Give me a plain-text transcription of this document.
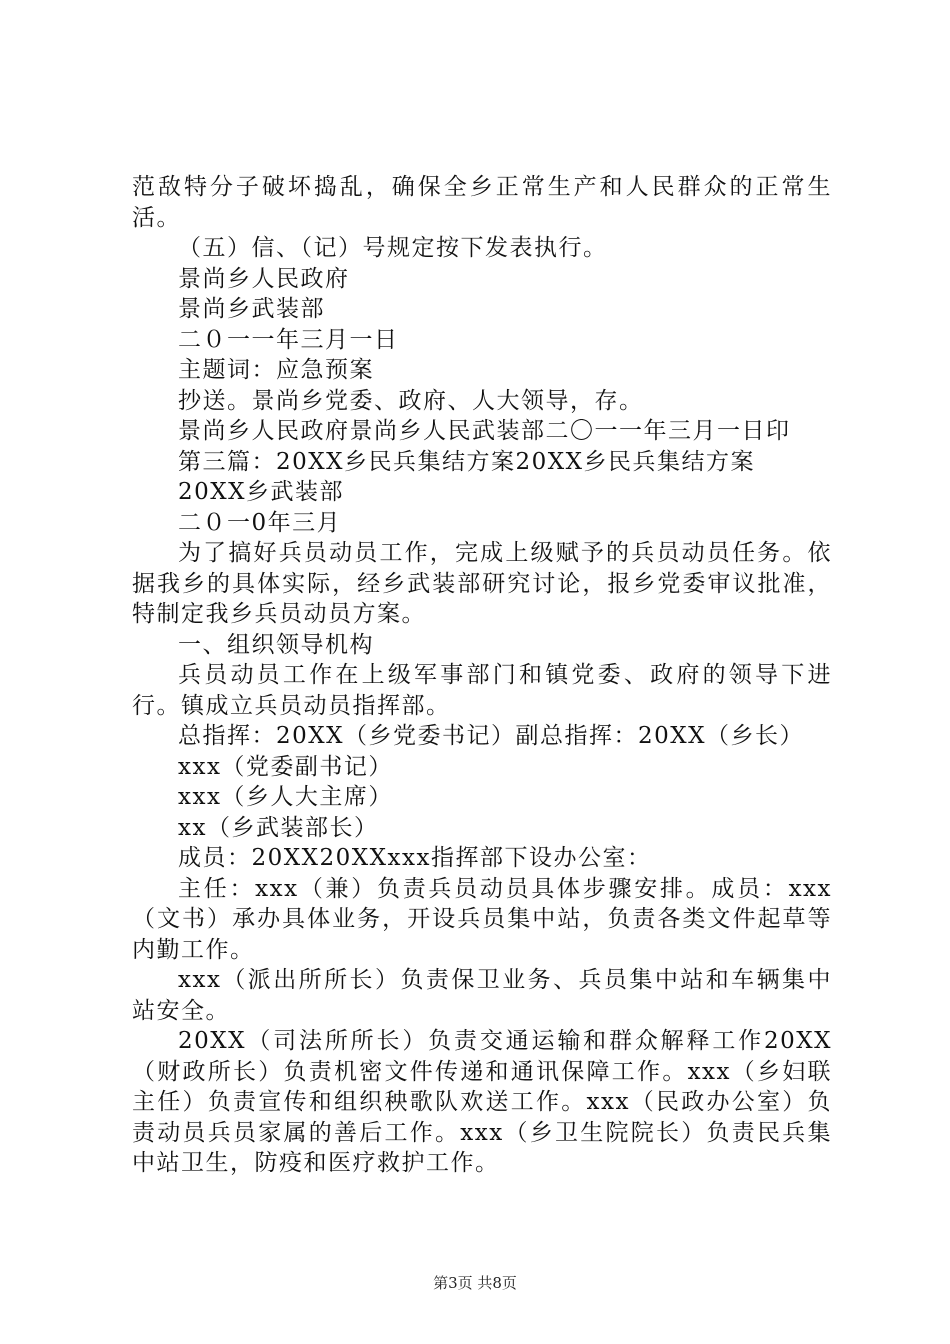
范敌特分子破坏捣乱，确保全乡正常生产和人民群众的正常生活。

（五）信、（记）号规定按下发表执行。

景尚乡人民政府

景尚乡武装部

二０一一年三月一日

主题词：应急预案

抄送。景尚乡党委、政府、人大领导，存。

景尚乡人民政府景尚乡人民武装部二〇一一年三月一日印

第三篇：20XX乡民兵集结方案20XX乡民兵集结方案

20XX乡武装部

二０一0年三月

为了搞好兵员动员工作，完成上级赋予的兵员动员任务。依据我乡的具体实际，经乡武装部研究讨论，报乡党委审议批准，特制定我乡兵员动员方案。

一、组织领导机构

兵员动员工作在上级军事部门和镇党委、政府的领导下进行。镇成立兵员动员指挥部。

总指挥：20XX（乡党委书记）副总指挥：20XX（乡长）

xxx（党委副书记）

xxx（乡人大主席）

xx（乡武装部长）

成员：20XX20XXxxx指挥部下设办公室：

主任：xxx（兼）负责兵员动员具体步骤安排。成员：xxx（文书）承办具体业务，开设兵员集中站，负责各类文件起草等内勤工作。

xxx（派出所所长）负责保卫业务、兵员集中站和车辆集中站安全。

20XX（司法所所长）负责交通运输和群众解释工作20XX（财政所长）负责机密文件传递和通讯保障工作。xxx（乡妇联主任）负责宣传和组织秧歌队欢送工作。xxx（民政办公室）负责动员兵员家属的善后工作。xxx（乡卫生院院长）负责民兵集中站卫生，防疫和医疗救护工作。

第3页 共8页
